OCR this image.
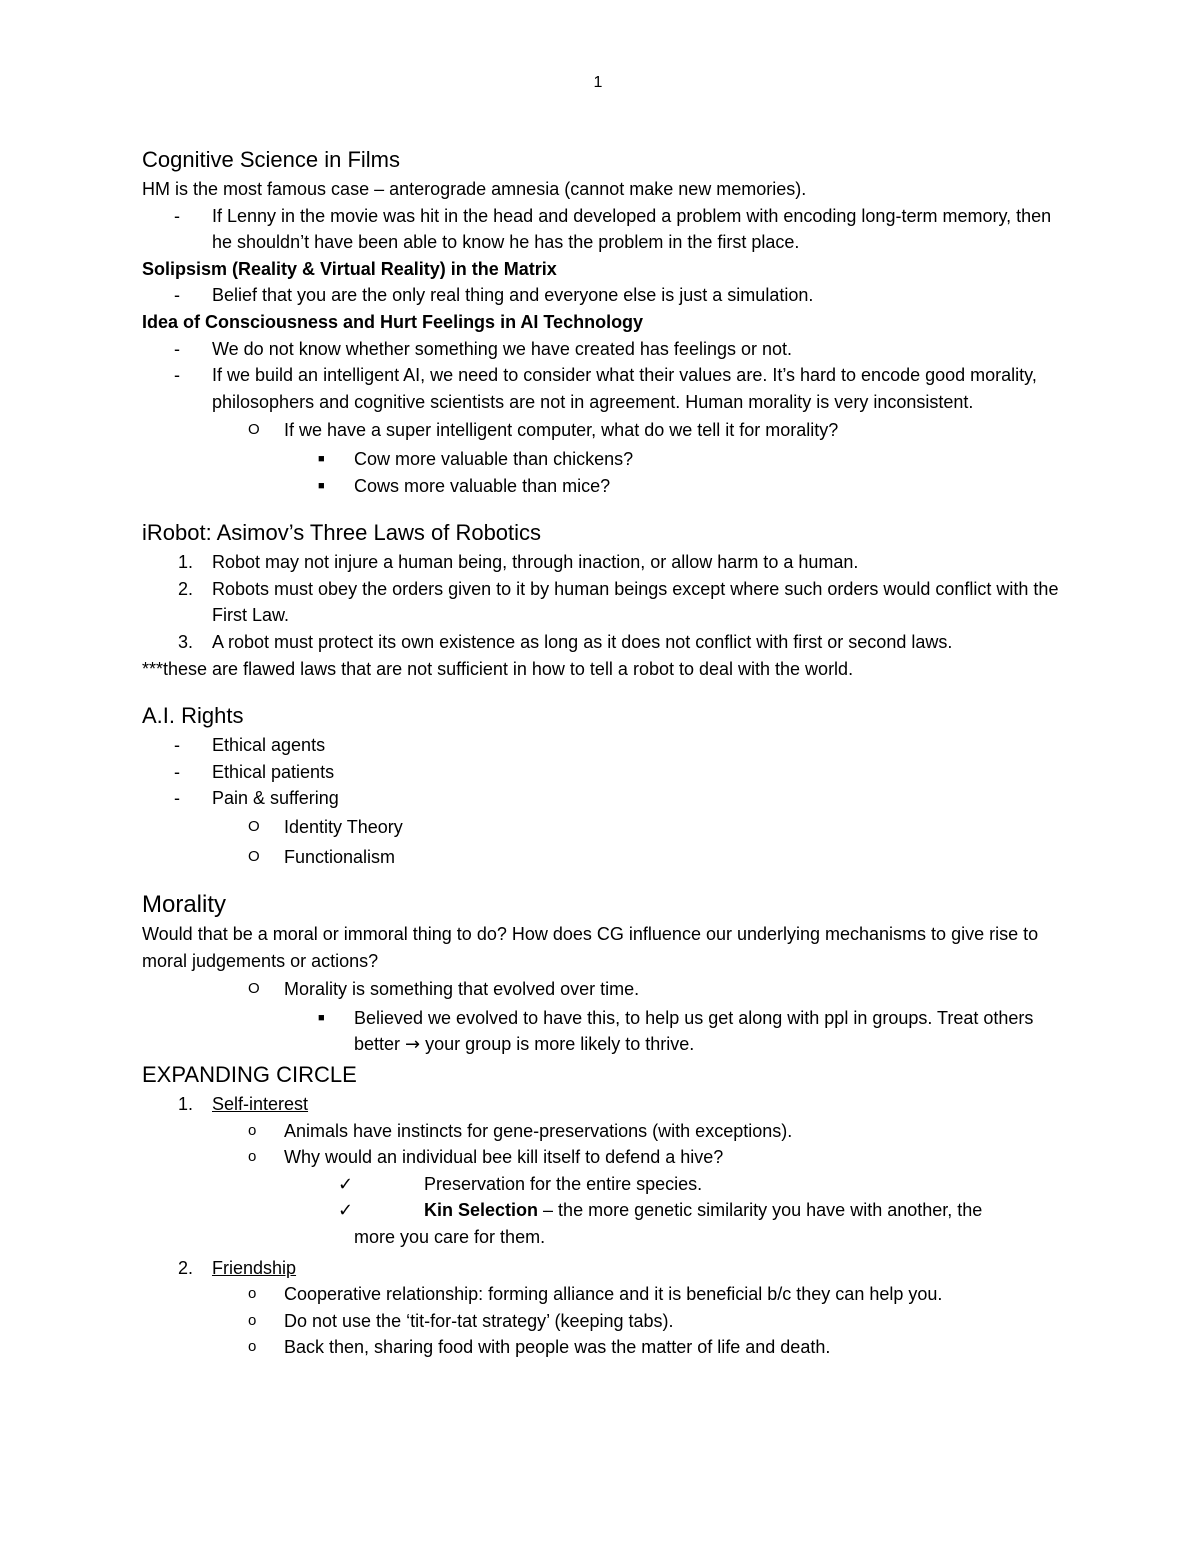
1
Cognitive Science in Films

HM is the most famous case – anterograde amnesia (cannot make new memories).

-	If Lenny in the movie was hit in the head and developed a problem with encoding long-term memory, then he shouldn’t have been able to know he has the problem in the first place.

Solipsism (Reality & Virtual Reality) in the Matrix

-	Belief that you are the only real thing and everyone else is just a simulation.

Idea of Consciousness and Hurt Feelings in AI Technology

-	We do not know whether something we have created has feelings or not.
-	If we build an intelligent AI, we need to consider what their values are. It’s hard to encode good morality, philosophers and cognitive scientists are not in agreement. Human morality is very inconsistent.
O	If we have a super intelligent computer, what do we tell it for morality?
■	Cow more valuable than chickens?
■	Cows more valuable than mice?
iRobot: Asimov’s Three Laws of Robotics
1.	Robot may not injure a human being, through inaction, or allow harm to a human.
2.	Robots must obey the orders given to it by human beings except where such orders would conflict with the First Law.
3.	A robot must protect its own existence as long as it does not conflict with first or second laws.

***these are flawed laws that are not sufficient in how to tell a robot to deal with the world.

A.I. Rights
-	Ethical agents
-	Ethical patients
-	Pain & suffering
O	Identity Theory
O	Functionalism
Morality

Would that be a moral or immoral thing to do? How does CG influence our underlying mechanisms to give rise to moral judgements or actions?

O	Morality is something that evolved over time.
■	Believed we evolved to have this, to help us get along with ppl in groups. Treat others better → your group is more likely to thrive.
EXPANDING CIRCLE
1.	Self-interest
o	Animals have instincts for gene-preservations (with exceptions).
o	Why would an individual bee kill itself to defend a hive?
✓	Preservation for the entire species.
✓	Kin Selection – the more genetic similarity you have with another, the
more you care for them.
2.	Friendship
o	Cooperative relationship: forming alliance and it is beneficial b/c they can help you.
o	Do not use the ‘tit-for-tat strategy’ (keeping tabs).
o	Back then, sharing food with people was the matter of life and death.
